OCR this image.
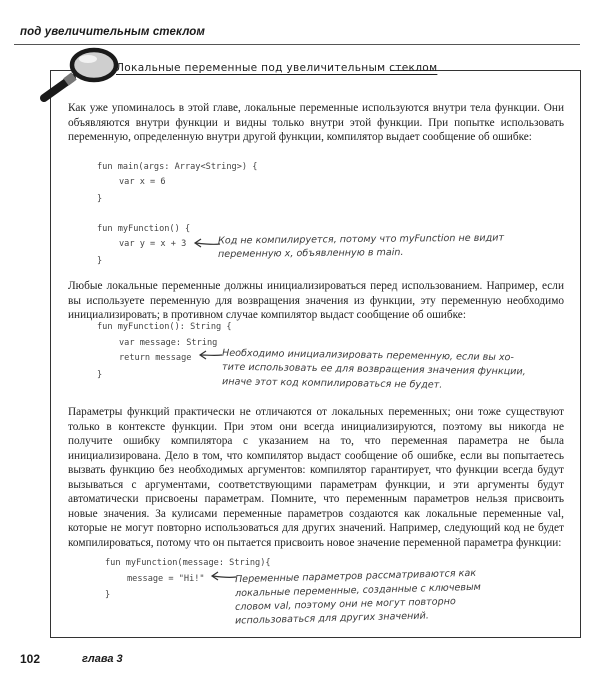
под увеличительным стеклом
Локальные переменные под увеличительным стеклом

Как уже упоминалось в этой главе, локальные переменные используются внутри тела функции. Они объявляются внутри функции и видны только внутри этой функции. При попытке использовать переменную, определенную внутри другой функции, компилятор выдает сообщение об ошибке:

fun main(args: Array<String>) {
var x = 6
}
fun myFunction() {
var y = x + 3
}
Код не компилируется, потому что myFunction не видит
переменную x, объявленную в main.

Любые локальные переменные должны инициализироваться перед использованием. Например, если вы используете переменную для возвращения значения из функции, эту переменную необходимо инициализировать; в противном случае компилятор выдаст сообщение об ошибке:

fun myFunction(): String {
var message: String
return message
}
Необходимо инициализировать переменную, если вы хо-
тите использовать ее для возвращения значения функции,
иначе этот код компилироваться не будет.

Параметры функций практически не отличаются от локальных переменных; они тоже существуют только в контексте функции. При этом они всегда инициализируются, поэтому вы никогда не получите ошибку компилятора с указанием на то, что переменная параметра не была инициализирована. Дело в том, что компилятор выдаст сообщение об ошибке, если вы попытаетесь вызвать функцию без необходимых аргументов: компилятор гарантирует, что функции всегда будут вызываться с аргументами, соответствующими параметрам функции, и эти аргументы будут автоматически присвоены параметрам. Помните, что переменным параметров нельзя присвоить новые значения. За кулисами переменные параметров создаются как локальные переменные val, которые не могут повторно использоваться для других значений. Например, следующий код не будет компилироваться, потому что он пытается присвоить новое значение переменной параметра функции:

fun myFunction(message: String){
message = "Hi!"
}
Переменные параметров рассматриваются как
локальные переменные, созданные с ключевым
словом val, поэтому они не могут повторно
использоваться для других значений.
102	глава 3
